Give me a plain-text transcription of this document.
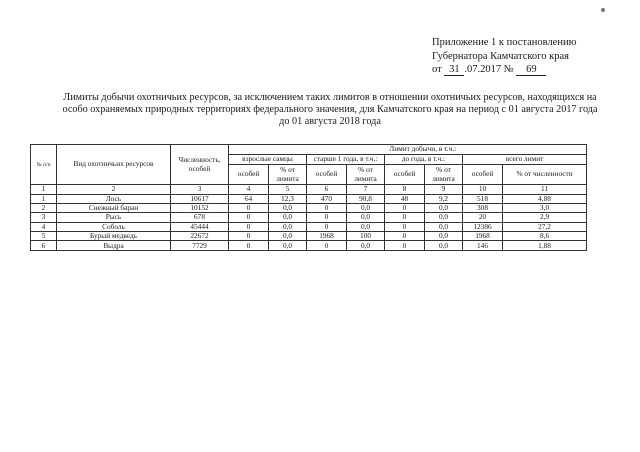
Приложение 1 к постановлению
Губернатора Камчатского края
от 31 .07.2017 № 69
Лимиты добычи охотничьих ресурсов, за исключением таких лимитов в отношении охотничьих ресурсов, находящихся на особо охраняемых природных территориях федерального значения, для Камчатского края на период с 01 августа 2017 года до 01 августа 2018 года
№ п/п	Вид охотничьих ресурсов	Численность, особей	Лимит добычи, в т.ч.:							
			взрослые самцы		старше 1 года, в т.ч.:		до года, в т.ч.:		всего лимит	
			особей	% от лимита	особей	% от лимита	особей	% от лимита	особей	% от численности
1	2	3	4	5	6	7	8	9	10	11
1	Лось	10617	64	12,3	470	90,8	48	9,2	518	4,88
2	Снежный баран	10152	0	0,0	0	0,0	0	0,0	308	3,0
3	Рысь	678	0	0,0	0	0,0	0	0,0	20	2,9
4	Соболь	45444	0	0,0	0	0,0	0	0,0	12386	27,2
5	Бурый медведь	22672	0	0,0	1968	100	0	0,0	1968	8,6
6	Выдра	7729	0	0,0	0	0,0	0	0,0	146	1,88
